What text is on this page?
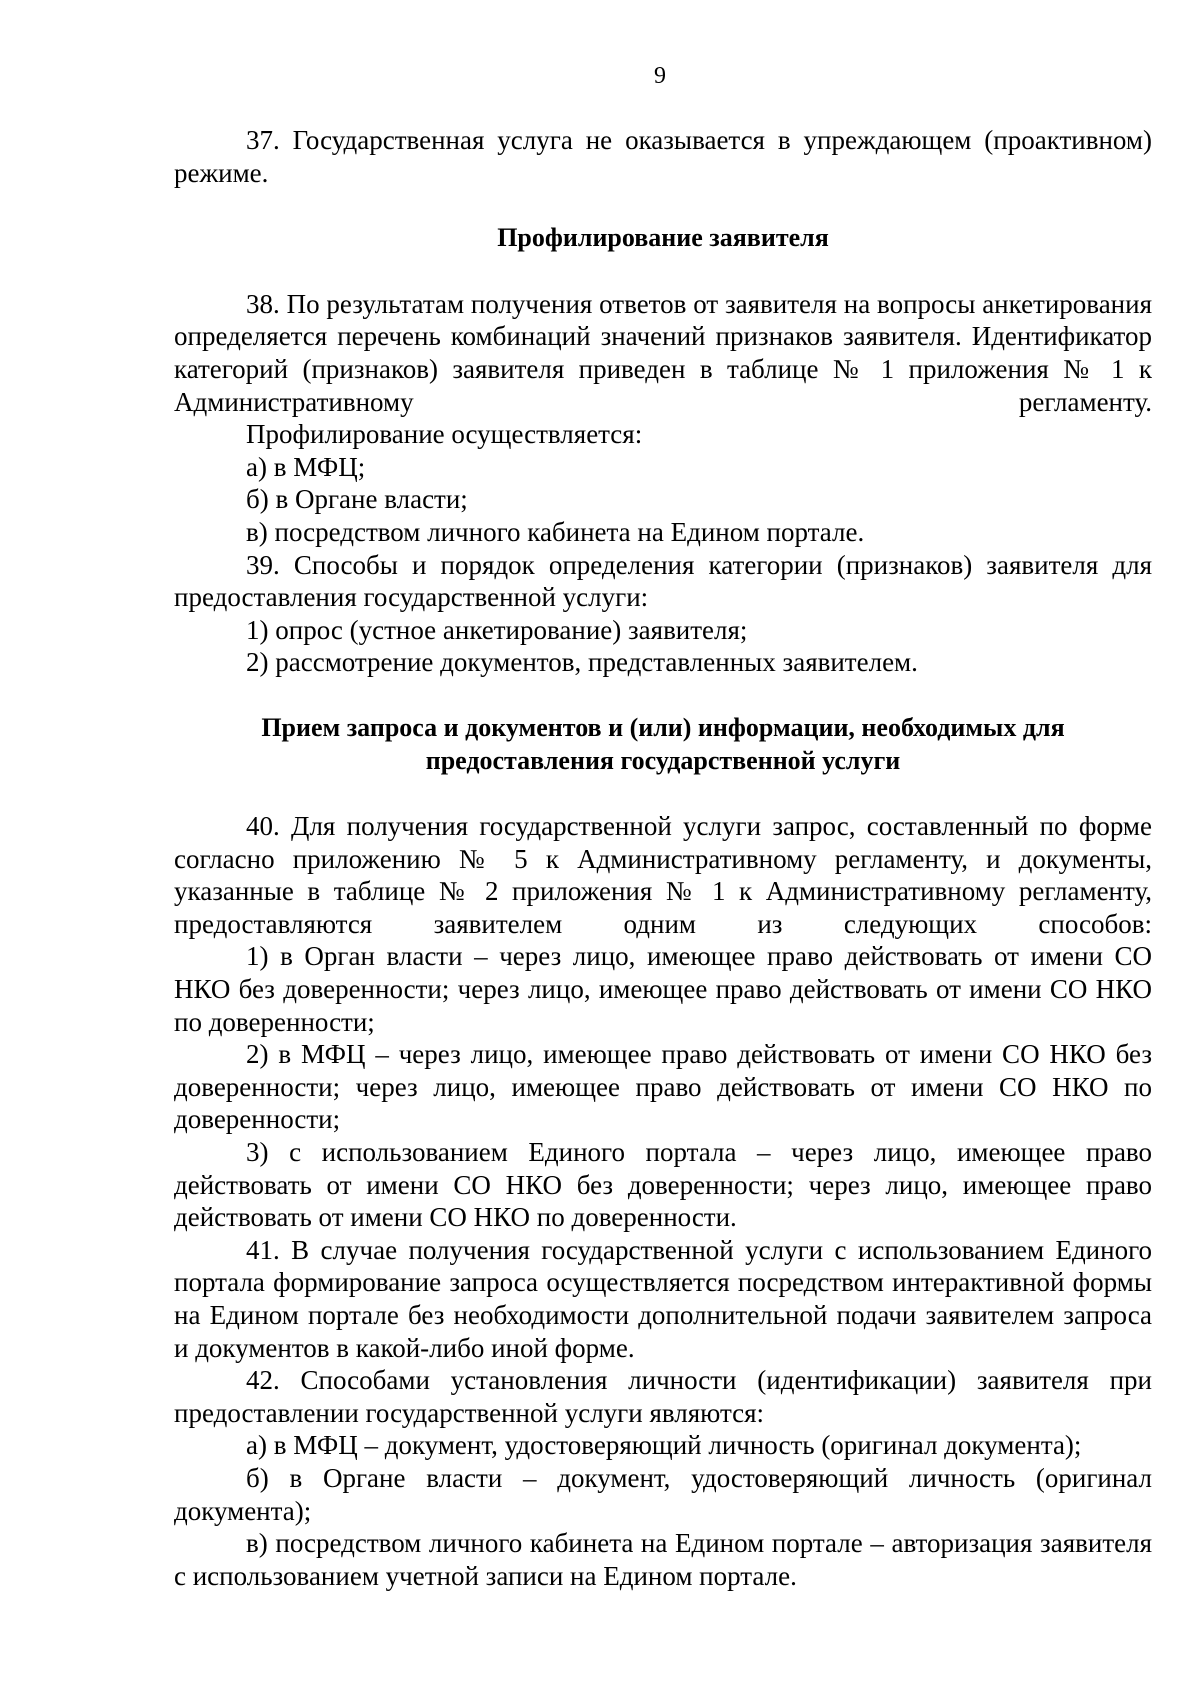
9

37. Государственная услуга не оказывается в упреждающем (проактивном) режиме.

Профилирование заявителя

38. По результатам получения ответов от заявителя на вопросы анкетирования определяется перечень комбинаций значений признаков заявителя. Идентификатор категорий (признаков) заявителя приведен в таблице № 1 приложения № 1 к Административному регламенту.

Профилирование осуществляется:

а) в МФЦ;

б) в Органе власти;

в) посредством личного кабинета на Едином портале.

39. Способы и порядок определения категории (признаков) заявителя для предоставления государственной услуги:

1) опрос (устное анкетирование) заявителя;

2) рассмотрение документов, представленных заявителем.

Прием запроса и документов и (или) информации, необходимых для

предоставления государственной услуги

40. Для получения государственной услуги запрос, составленный по форме согласно приложению № 5 к Административному регламенту, и документы, указанные в таблице № 2 приложения № 1 к Административному регламенту, предоставляются заявителем одним из следующих способов:

1) в Орган власти – через лицо, имеющее право действовать от имени СО НКО без доверенности; через лицо, имеющее право действовать от имени СО НКО по доверенности;

2) в МФЦ – через лицо, имеющее право действовать от имени СО НКО без доверенности; через лицо, имеющее право действовать от имени СО НКО по доверенности;

3) с использованием Единого портала – через лицо, имеющее право действовать от имени СО НКО без доверенности; через лицо, имеющее право действовать от имени СО НКО по доверенности.

41. В случае получения государственной услуги с использованием Единого портала формирование запроса осуществляется посредством интерактивной формы на Едином портале без необходимости дополнительной подачи заявителем запроса и документов в какой-либо иной форме.

42. Способами установления личности (идентификации) заявителя при предоставлении государственной услуги являются:

а) в МФЦ – документ, удостоверяющий личность (оригинал документа);

б) в Органе власти – документ, удостоверяющий личность (оригинал документа);

в) посредством личного кабинета на Едином портале – авторизация заявителя с использованием учетной записи на Едином портале.
